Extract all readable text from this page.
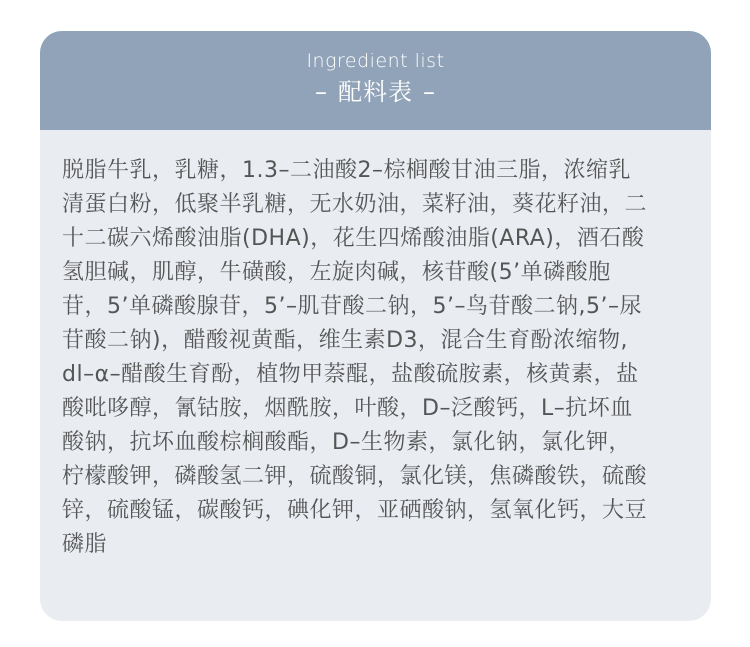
Ingredient list
– 配料表 –
脱脂牛乳，乳糖，1.3–二油酸2–棕榈酸甘油三脂，浓缩乳
清蛋白粉，低聚半乳糖，无水奶油，菜籽油，葵花籽油，二
十二碳六烯酸油脂(DHA)，花生四烯酸油脂(ARA)，酒石酸
氢胆碱，肌醇，牛磺酸，左旋肉碱，核苷酸(5’单磷酸胞
苷，5’单磷酸腺苷，5’–肌苷酸二钠，5’–鸟苷酸二钠,5’–尿
苷酸二钠)，醋酸视黄酯，维生素D3，混合生育酚浓缩物,
dl–α–醋酸生育酚，植物甲萘醌，盐酸硫胺素，核黄素，盐
酸吡哆醇，氰钴胺，烟酰胺，叶酸，D–泛酸钙，L–抗坏血
酸钠，抗坏血酸棕榈酸酯，D–生物素，氯化钠，氯化钾，
柠檬酸钾，磷酸氢二钾，硫酸铜，氯化镁，焦磷酸铁，硫酸
锌，硫酸锰，碳酸钙，碘化钾，亚硒酸钠，氢氧化钙，大豆
磷脂
